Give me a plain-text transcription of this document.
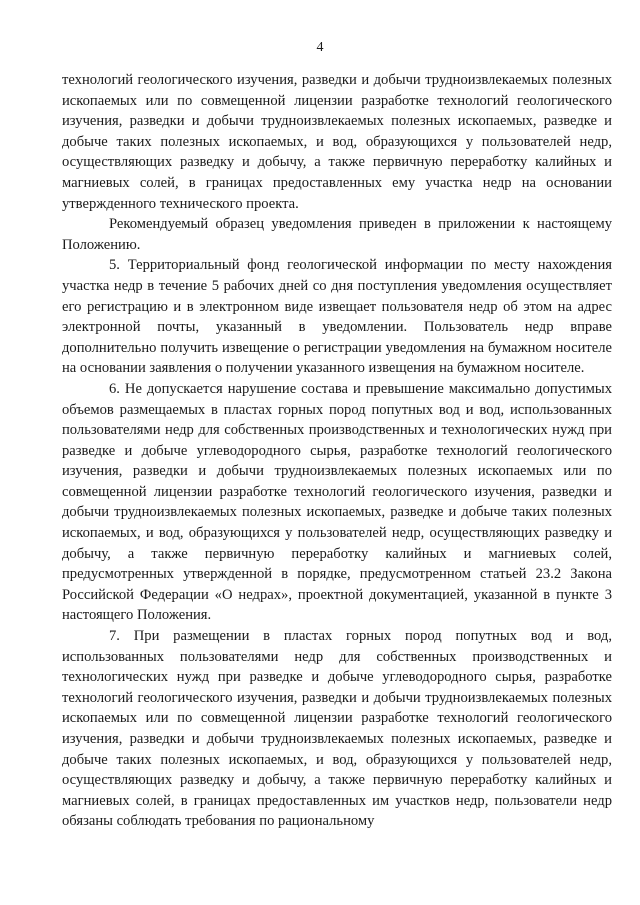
4

технологий геологического изучения, разведки и добычи трудноизвлекаемых полезных ископаемых или по совмещенной лицензии разработке технологий геологического изучения, разведки и добычи трудноизвлекаемых полезных ископаемых, разведке и добыче таких полезных ископаемых, и вод, образующихся у пользователей недр, осуществляющих разведку и добычу, а также первичную переработку калийных и магниевых солей, в границах предоставленных ему участка недр на основании утвержденного технического проекта.

Рекомендуемый образец уведомления приведен в приложении к настоящему Положению.

5. Территориальный фонд геологической информации по месту нахождения участка недр в течение 5 рабочих дней со дня поступления уведомления осуществляет его регистрацию и в электронном виде извещает пользователя недр об этом на адрес электронной почты, указанный в уведомлении. Пользователь недр вправе дополнительно получить извещение о регистрации уведомления на бумажном носителе на основании заявления о получении указанного извещения на бумажном носителе.

6. Не допускается нарушение состава и превышение максимально допустимых объемов размещаемых в пластах горных пород попутных вод и вод, использованных пользователями недр для собственных производственных и технологических нужд при разведке и добыче углеводородного сырья, разработке технологий геологического изучения, разведки и добычи трудноизвлекаемых полезных ископаемых или по совмещенной лицензии разработке технологий геологического изучения, разведки и добычи трудноизвлекаемых полезных ископаемых, разведке и добыче таких полезных ископаемых, и вод, образующихся у пользователей недр, осуществляющих разведку и добычу, а также первичную переработку калийных и магниевых солей, предусмотренных утвержденной в порядке, предусмотренном статьей 23.2 Закона Российской Федерации «О недрах», проектной документацией, указанной в пункте 3 настоящего Положения.

7. При размещении в пластах горных пород попутных вод и вод, использованных пользователями недр для собственных производственных и технологических нужд при разведке и добыче углеводородного сырья, разработке технологий геологического изучения, разведки и добычи трудноизвлекаемых полезных ископаемых или по совмещенной лицензии разработке технологий геологического изучения, разведки и добычи трудноизвлекаемых полезных ископаемых, разведке и добыче таких полезных ископаемых, и вод, образующихся у пользователей недр, осуществляющих разведку и добычу, а также первичную переработку калийных и магниевых солей, в границах предоставленных им участков недр, пользователи недр обязаны соблюдать требования по рациональному
